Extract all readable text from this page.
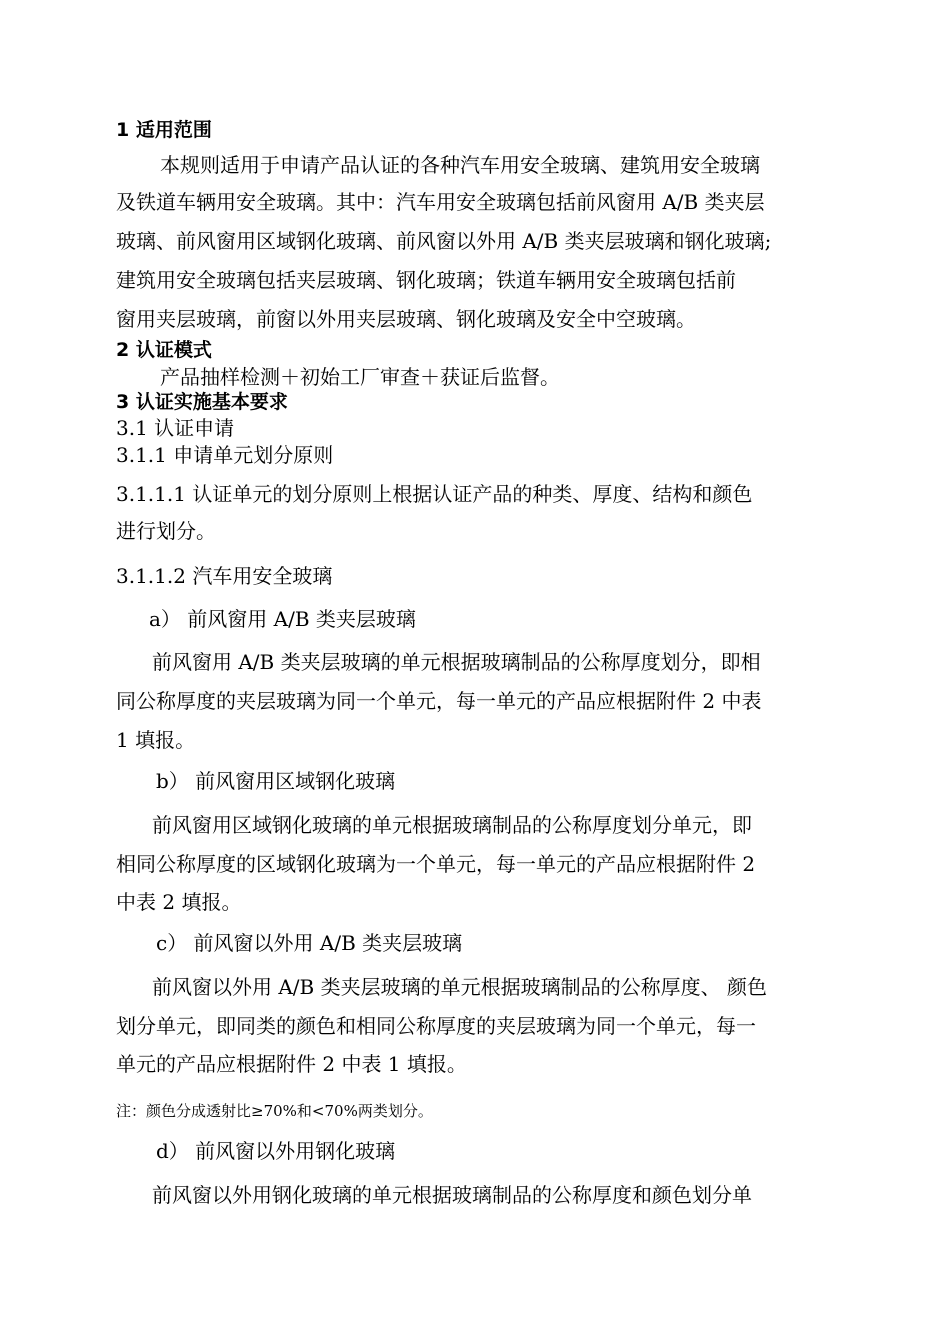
1 适用范围
本规则适用于申请产品认证的各种汽车用安全玻璃、建筑用安全玻璃
及铁道车辆用安全玻璃。其中：汽车用安全玻璃包括前风窗用 A/B 类夹层
玻璃、前风窗用区域钢化玻璃、前风窗以外用 A/B 类夹层玻璃和钢化玻璃;
建筑用安全玻璃包括夹层玻璃、钢化玻璃；铁道车辆用安全玻璃包括前
窗用夹层玻璃，前窗以外用夹层玻璃、钢化玻璃及安全中空玻璃。
2 认证模式
产品抽样检测＋初始工厂审查＋获证后监督。
3 认证实施基本要求
3.1 认证申请
3.1.1 申请单元划分原则
3.1.1.1 认证单元的划分原则上根据认证产品的种类、厚度、结构和颜色
进行划分。
3.1.1.2 汽车用安全玻璃
a） 前风窗用 A/B 类夹层玻璃
前风窗用 A/B 类夹层玻璃的单元根据玻璃制品的公称厚度划分，即相
同公称厚度的夹层玻璃为同一个单元，每一单元的产品应根据附件 2 中表
1 填报。
b） 前风窗用区域钢化玻璃
前风窗用区域钢化玻璃的单元根据玻璃制品的公称厚度划分单元，即
相同公称厚度的区域钢化玻璃为一个单元，每一单元的产品应根据附件 2
中表 2 填报。
c） 前风窗以外用 A/B 类夹层玻璃
前风窗以外用 A/B 类夹层玻璃的单元根据玻璃制品的公称厚度、 颜色
划分单元，即同类的颜色和相同公称厚度的夹层玻璃为同一个单元，每一
单元的产品应根据附件 2 中表 1 填报。
注：颜色分成透射比≥70%和<70%两类划分。
d） 前风窗以外用钢化玻璃
前风窗以外用钢化玻璃的单元根据玻璃制品的公称厚度和颜色划分单
